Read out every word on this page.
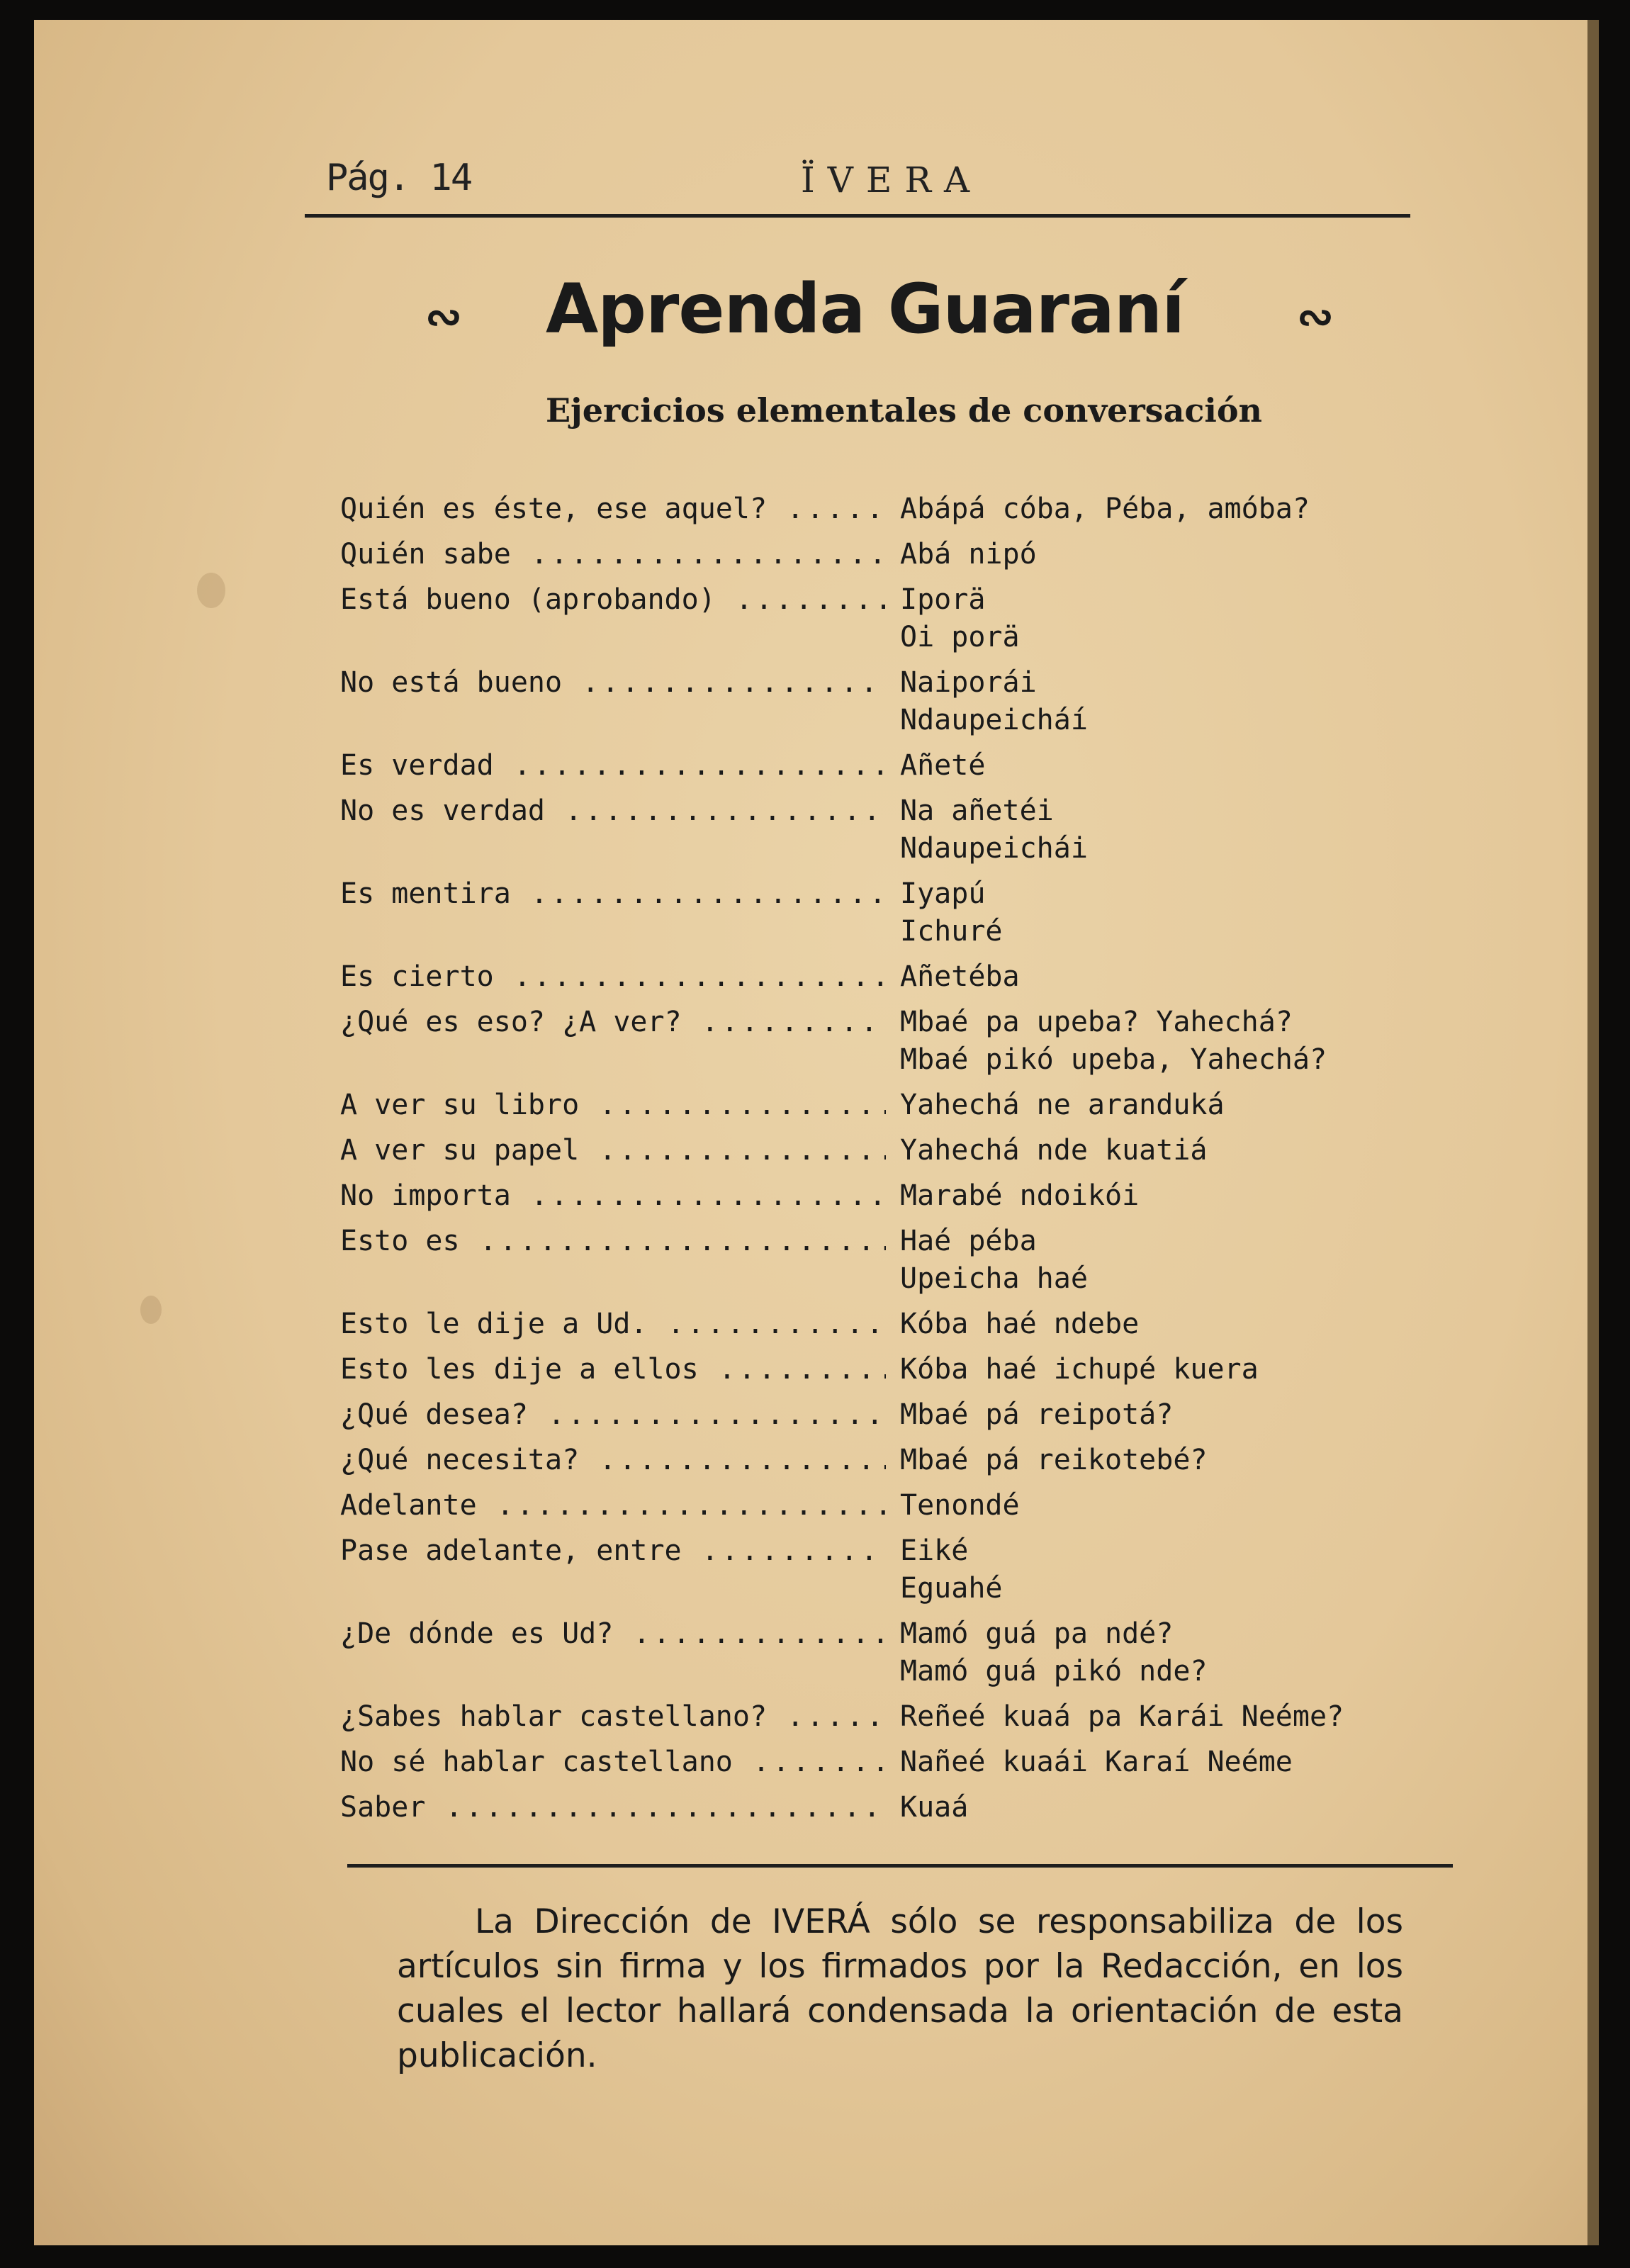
Pág. 14	ÏVERA
∾ Aprenda Guaraní	∾
Ejercicios elementales de conversación
Quién es éste, ese aquel? .....	Abápá cóba, Péba, amóba?
Quién sabe .....	Abá nipó
Está bueno (aprobando) .....	Iporä
Oi porä
No está bueno .....	Naiporái
Ndaupeicháí
Es verdad .....	Añeté
No es verdad .....	Na añetéi
Ndaupeichái
Es mentira .....	Iyapú
Ichuré
Es cierto .....	Añetéba
¿Qué es eso? ¿A ver? .....	Mbaé pa upeba? Yahechá?
Mbaé pikó upeba, Yahechá?
A ver su libro .....	Yahechá ne aranduká
A ver su papel .....	Yahechá nde kuatiá
No importa .....	Marabé ndoikói
Esto es .....	Haé péba
Upeicha haé
Esto le dije a Ud. .....	Kóba haé ndebe
Esto les dije a ellos .....	Kóba haé ichupé kuera
¿Qué desea? .....	Mbaé pá reipotá?
¿Qué necesita? .....	Mbaé pá reikotebé?
Adelante .....	Tenondé
Pase adelante, entre .....	Eiké
Eguahé
¿De dónde es Ud? .....	Mamó guá pa ndé?
Mamó guá pikó nde?
¿Sabes hablar castellano? .....	Reñeé kuaá pa Karái Neéme?
No sé hablar castellano .....	Nañeé kuaái Karaí Neéme
Saber .....	Kuaá
La Dirección de IVERÁ sólo se responsabiliza de los artículos sin firma y los firmados por la Redacción, en los cuales el lector hallará condensada la orientación de esta publicación.
